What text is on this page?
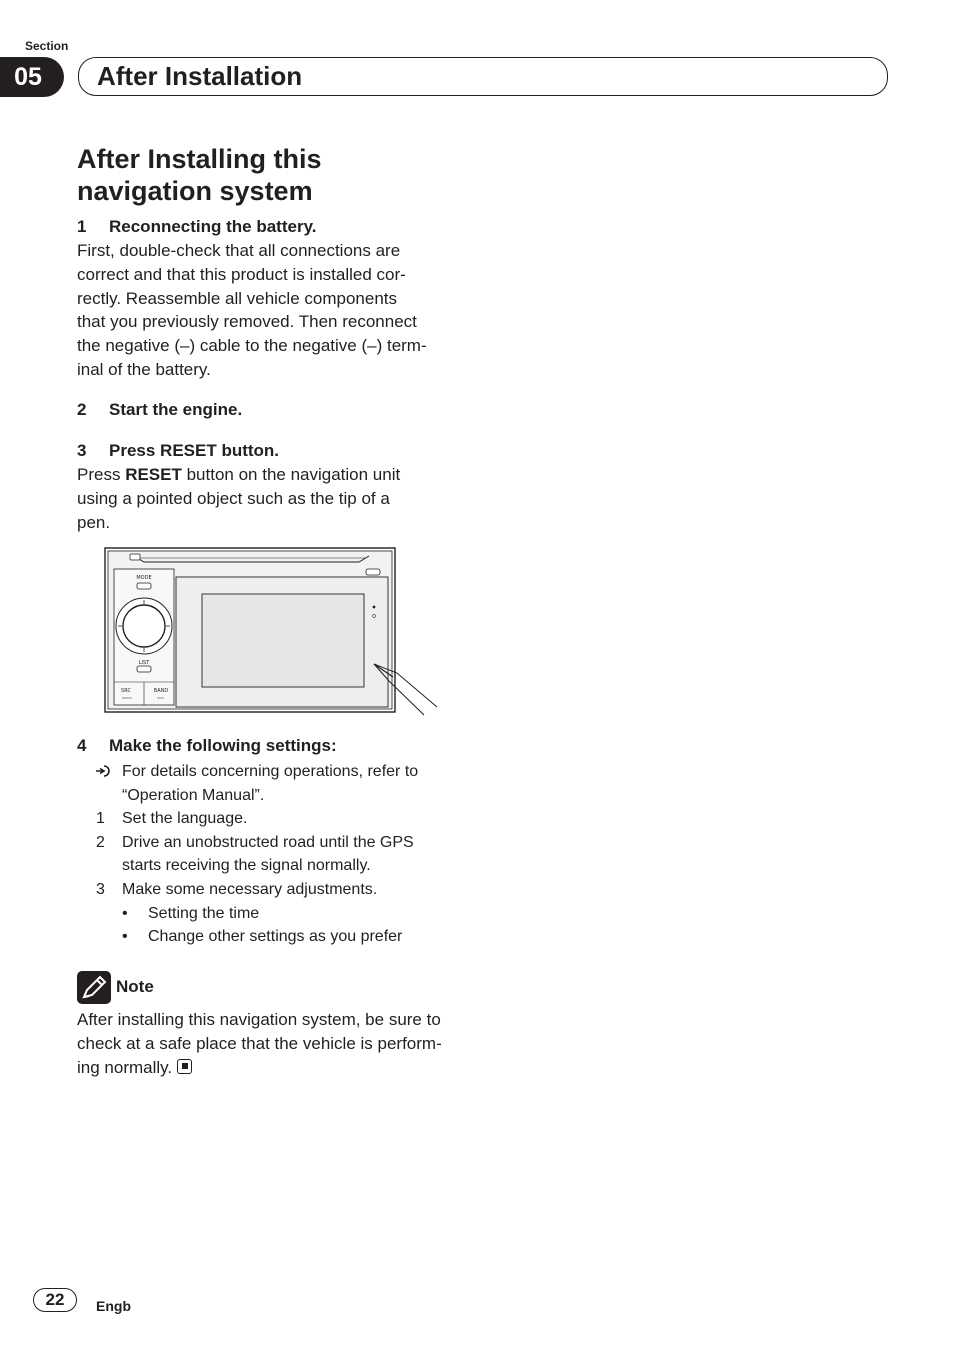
Section
05	After Installation
After Installing this
navigation system
1 Reconnecting the battery.
First, double-check that all connections are
correct and that this product is installed cor-
rectly. Reassemble all vehicle components
that you previously removed. Then reconnect
the negative (–) cable to the negative (–) term-
inal of the battery.
2 Start the engine.
3 Press RESET button.
Press RESET button on the navigation unit
using a pointed object such as the tip of a
pen.
MODE
LIST
SRC	BAND
4 Make the following settings:
For details concerning operations, refer to
“Operation Manual”.
1 Set the language.
2 Drive an unobstructed road until the GPS
starts receiving the signal normally.
3 Make some necessary adjustments.
• Setting the time
• Change other settings as you prefer
Note
After installing this navigation system, be sure to
check at a safe place that the vehicle is perform-
ing normally.
22	Engb
